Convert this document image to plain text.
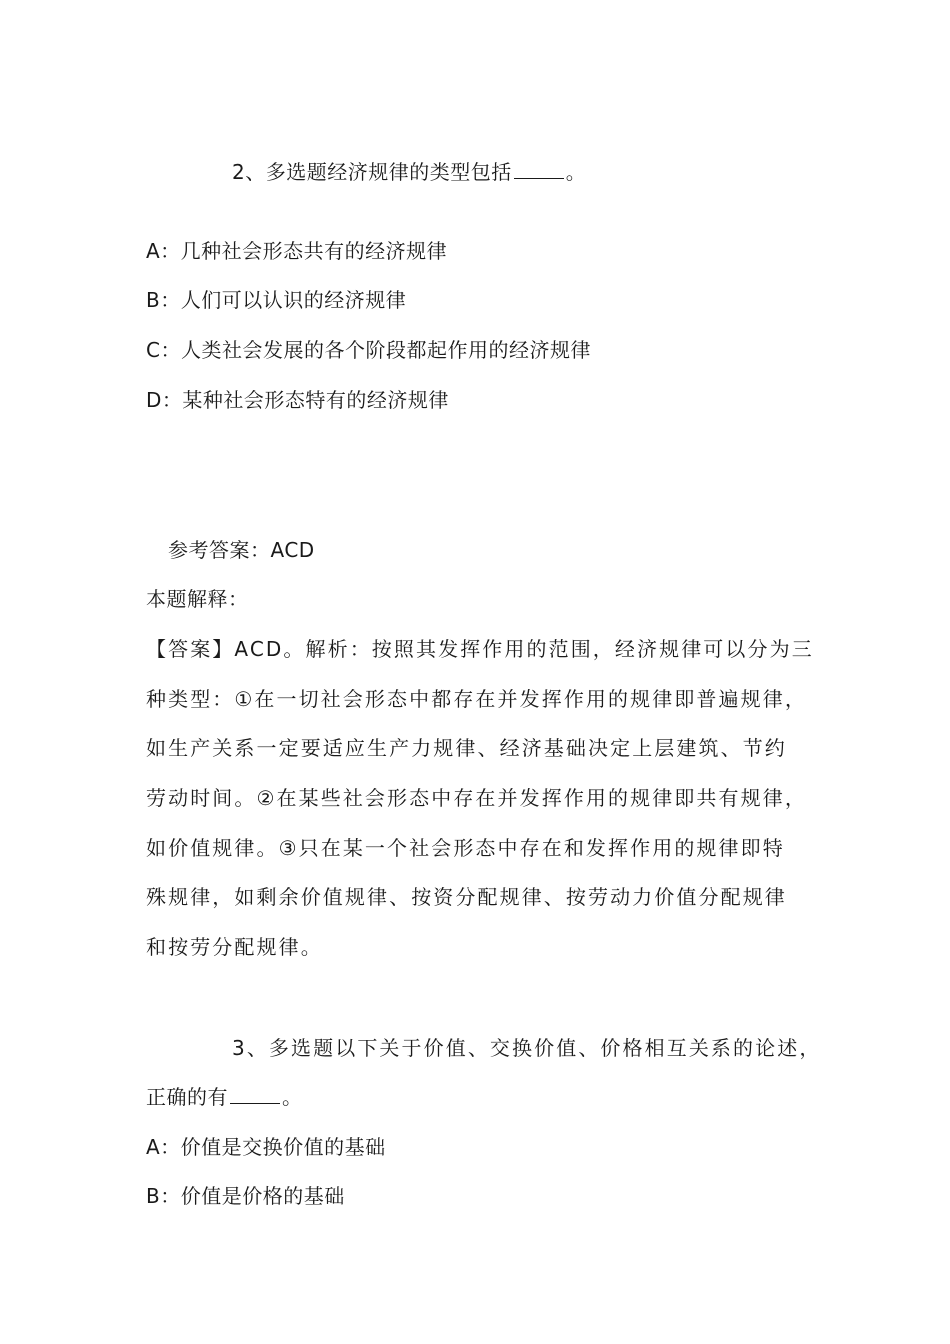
2、多选题经济规律的类型包括	。
A：几种社会形态共有的经济规律
B：人们可以认识的经济规律
C：人类社会发展的各个阶段都起作用的经济规律
D：某种社会形态特有的经济规律
参考答案：ACD
本题解释：
【答案】ACD。解析：按照其发挥作用的范围，经济规律可以分为三
种类型：①在一切社会形态中都存在并发挥作用的规律即普遍规律，
如生产关系一定要适应生产力规律、经济基础决定上层建筑、节约
劳动时间。②在某些社会形态中存在并发挥作用的规律即共有规律，
如价值规律。③只在某一个社会形态中存在和发挥作用的规律即特
殊规律，如剩余价值规律、按资分配规律、按劳动力价值分配规律
和按劳分配规律。
3、多选题以下关于价值、交换价值、价格相互关系的论述，
正确的有	。
A：价值是交换价值的基础
B：价值是价格的基础
